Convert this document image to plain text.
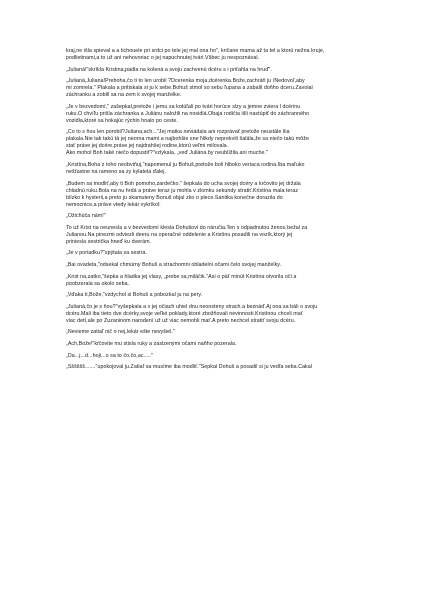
kraj,ne išla spieval a a tichouele pri srdci po tele jej mal ona ho", kričane mama až ta tel a ktorú nežna kruje,
podlietinami,a to už ani nehovoriac o jej napuchnutej tvári.Všbec ju nespoznával.
„Julianá!"skríkla Kristina,padla na kolená a svoju zachvenú dcéru s i priťahla na hruď".
„Julianá,Juliana!Preboha,čo ti to len urobil ?Dcerenka moja,dcérenka.Bože,zachráň ju /Nedovoľ,aby
mi zomrela." Plakala a pritiskala si ju k sebe.Bohuš stmol so sebu ľupana a zabalil doňho dceru.Zavolal
záchranku a zoblil sa na zem k svojej manželke.
„Je v bezvedomí," zašepkal,pretože i jemu sa kotúľali po tvári horúce slzy a jemne zviera l dcérinu
ruku.O chvíľu prišla záchranka a Juliánu naložili na nosidlá.Obaja rodičia išli nastúpiť do záchranného
vozidla,ktoré sa hokajúc rýchlo hnalo po ceste.
„Čo to s ňou len porobil?Juliana,ach..."Jej matka neviádala ani rozprávať pretože neustále liia
plakala.Nie tak takú tá jej neorna mami a najbohšie sne Nikdy neprekvili šalála,že sa niečo takú môže
stať práve jej dcére,práve jej najdrahšej rodine,ktorú veľmi milovala.
Ako mohol Boh také niečo dopustiť?"vzlykala, „veď Juliána by neublížila ani muche."
„Kristína,Boha z toho neobviňuj,"napomenul ju Bohuš,pretože boli hlboko veriaca rodina.Iba maľuko
nešťastne na rameno sa zy kylatela ďalej.
„Budem sa modliť,aby ti Boh pomoho,zardečko." šepkala do ucha svojej dcéry a krčovito jej držala
chladnú ruku.Bola na nu hrdá a práve teraz ju mohla v zlomku sekundy stratiť.Kristína mala teraz
blízko k hysterii,a preto ju skamuteny Bonuš objal zko o plece.Sanitka konečne dorazila do
nemocnice,a práve vtedy lekár vykríkol:
„Ožichúča nám!"
To už Krist na neunesla a v bezvedomí klesla Dohušovi do náručia.Ten s odpadnutou ženou bežal za
Julianou.Na pinezmi odviezli deeru na operačné oddelenie a Kristínu posadili na vozík,ktorý jej
priniesla sestrička hneď ku dverám.
„Je v poriadku?"spýtala sa sestra.
„Bai ovadeta,"odsekal chmúrny Bohuš a strachomni obladelni očami čelo svojej manželky.
„Krist na,zatko,"šepka a hladka jej vlasy, „prebe sa,miláčik."Asi o päť minút Kristína otvorila oči a
poobzerala sa okolo seba.
„Vďaka ti,Bože,"vzdychol si Bohuš a pobozkal ju na pery.
„Julianá,čo je s ňou?"vyšepkala a v jej očiach uhiel dnu neonsteny strach.a beznáď.Aj ona sa báli o svoju
dcéru.Mali iba tieto dve dcérky,svoje veľké poklady,ktoré zbožňovali nevinnosti.Kristínou chceli mať
viac detí,ale po Zuzaninom narodení už už viac nemohli mať.A preto nechcel stratiť svoju dcéru.
„Nevieme zatiaľ nič o nej,lekár ešte nevyšiel."
„Ach,Bože!"kŕčovite mu stisla ruky a zaslzenými očami naňho pozerala.
„Da...j...d...hoji...o sa to čo,čo,ac....."
„Šššššš......."upokojoval ju.Zatiaľ sa musíme iba modliť."Sepkal Dohuš a posadil si ju vedľa seba.Čakal
